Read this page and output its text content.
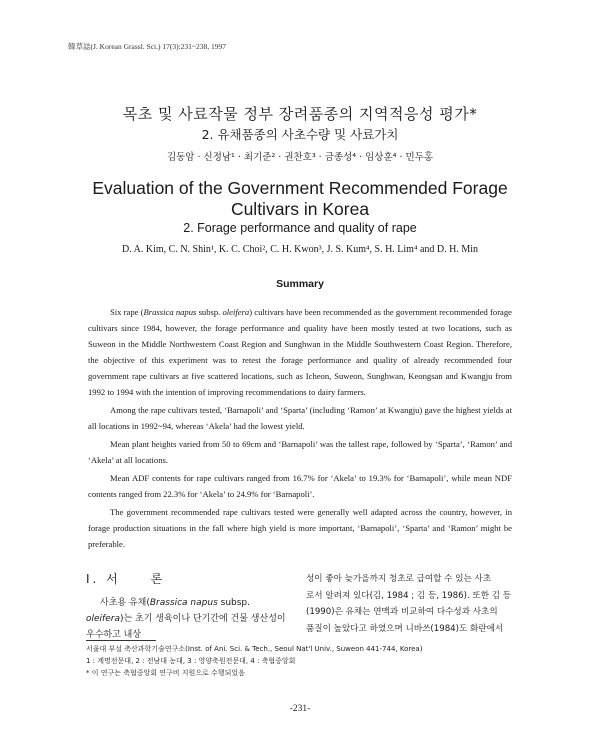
韓草誌(J. Korean Grassl. Sci.) 17(3):231~238, 1997
목초 및 사료작물 정부 장려품종의 지역적응성 평가*
2. 유채품종의 사초수량 및 사료가치
김동암 · 신정남¹ · 최기준² · 권찬호³ · 금종성⁴ · 임상훈⁴ · 민두홍
Evaluation of the Government Recommended Forage
Cultivars in Korea
2. Forage performance and quality of rape
D. A. Kim, C. N. Shin¹, K. C. Choi², C. H. Kwon³, J. S. Kum⁴, S. H. Lim⁴ and D. H. Min
Summary

Six rape (Brassica napus subsp. oleifera) cultivars have been recommended as the government recommended forage cultivars since 1984, however, the forage performance and quality have been mostly tested at two locations, such as Suweon in the Middle Northwestern Coast Region and Sunghwan in the Middle Southwestern Coast Region. Therefore, the objective of this experiment was to retest the forage performance and quality of already recommended four government rape cultivars at five scattered locations, such as Icheon, Suweon, Sunghwan, Keongsan and Kwangju from 1992 to 1994 with the intention of improving recommendations to dairy farmers.

Among the rape cultivars tested, ‘Barnapoli’ and ‘Sparta’ (including ‘Ramon’ at Kwangju) gave the highest yields at all locations in 1992~94, whereas ‘Akela’ had the lowest yield.

Mean plant heights varied from 50 to 69cm and ‘Barnapoli’ was the tallest rape, followed by ‘Sparta’, ‘Ramon’ and ‘Akela’ at all locations.

Mean ADF contents for rape cultivars ranged from 16.7% for ‘Akela’ to 19.3% for ‘Barnapoli’, while mean NDF contents ranged from 22.3% for ‘Akela’ to 24.9% for ‘Barnapoli’.

The government recommended rape cultivars tested were generally well adapted across the country, however, in forage production situations in the fall where high yield is more important, ‘Barnapoli’, ‘Sparta’ and ‘Ramon’ might be preferable.

Ⅰ. 서　　론

사초용 유채(Brassica napus subsp. oleifera)는 초기 생육이나 단기간에 건물 생산성이 우수하고 내상

성이 좋아 늦가을까지 청초로 급여할 수 있는 사초

로서 알려져 있다(김, 1984 ; 김 등, 1986). 또한 김 등

(1990)은 유채는 연맥과 비교하여 다수성과 사초의

품질이 높았다고 하였으며 니바쓰(1984)도 화란에서

서울대 부설 축산과학기술연구소(Inst. of Ani. Sci. & Tech., Seoul Nat'l Univ., Suweon 441-744, Korea)
1 : 계명전문대, 2 : 전남대 농대, 3 : 영양축원전문대, 4 : 축협중앙회
* 이 연구는 축협중앙회 연구비 지원으로 수행되었음
-231-
